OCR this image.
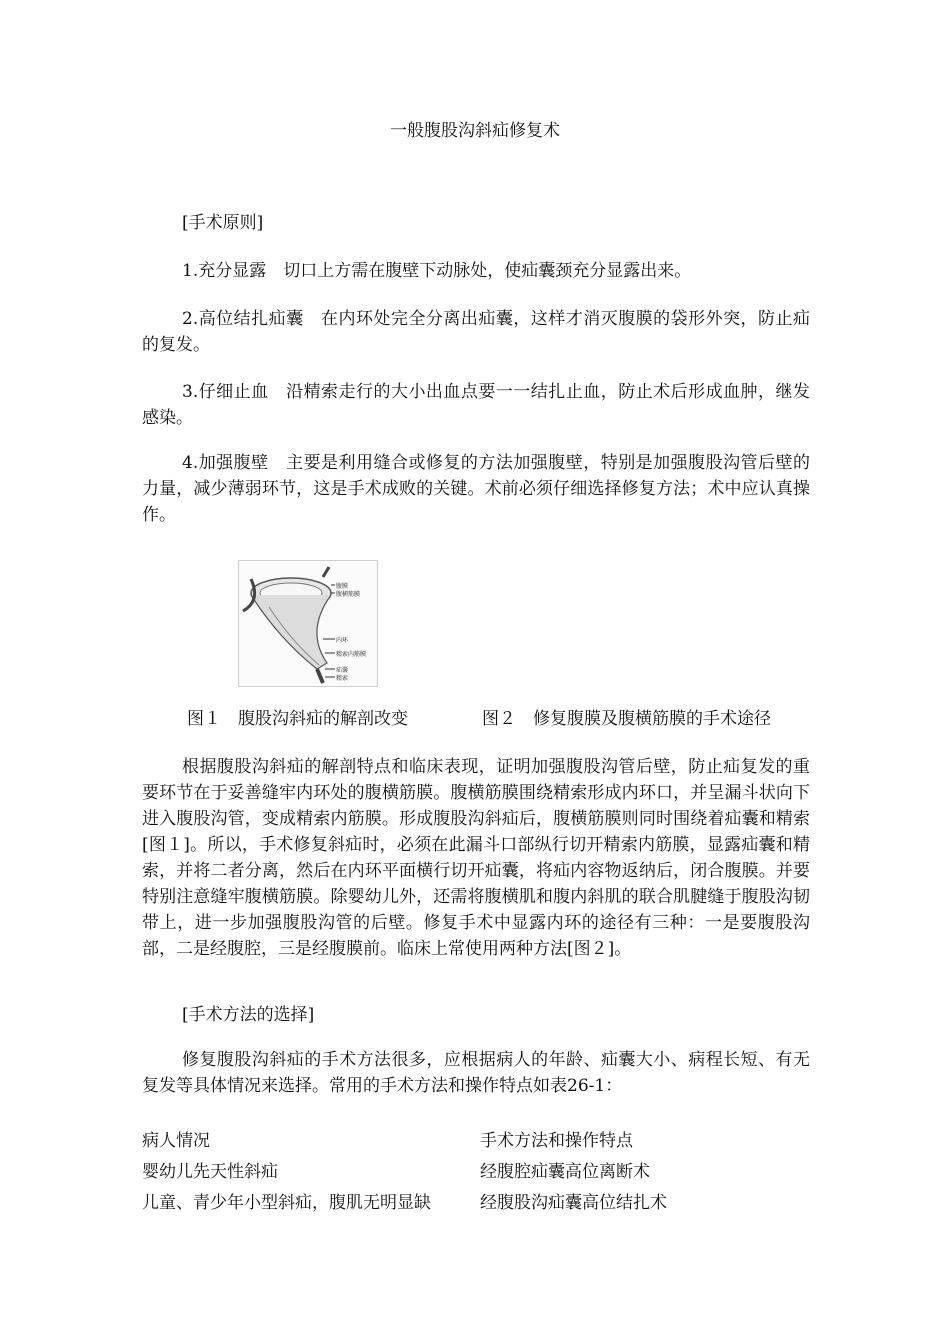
一般腹股沟斜疝修复术
[手术原则]
1.充分显露　切口上方需在腹壁下动脉处，使疝囊颈充分显露出来。
2.高位结扎疝囊　在内环处完全分离出疝囊，这样才消灭腹膜的袋形外突，防止疝的复发。
3.仔细止血　沿精索走行的大小出血点要一一结扎止血，防止术后形成血肿，继发感染。
4.加强腹壁　主要是利用缝合或修复的方法加强腹壁，特别是加强腹股沟管后壁的力量，减少薄弱环节，这是手术成败的关键。术前必须仔细选择修复方法；术中应认真操作。
腹膜
腹横筋膜
内环
精索内筋膜
疝囊
精索
图１　腹股沟斜疝的解剖改变	图２　修复腹膜及腹横筋膜的手术途径
根据腹股沟斜疝的解剖特点和临床表现，证明加强腹股沟管后壁，防止疝复发的重要环节在于妥善缝牢内环处的腹横筋膜。腹横筋膜围绕精索形成内环口，并呈漏斗状向下进入腹股沟管，变成精索内筋膜。形成腹股沟斜疝后，腹横筋膜则同时围绕着疝囊和精索[图１]。所以，手术修复斜疝时，必须在此漏斗口部纵行切开精索内筋膜，显露疝囊和精索，并将二者分离，然后在内环平面横行切开疝囊，将疝内容物返纳后，闭合腹膜。并要特别注意缝牢腹横筋膜。除婴幼儿外，还需将腹横肌和腹内斜肌的联合肌腱缝于腹股沟韧带上，进一步加强腹股沟管的后壁。修复手术中显露内环的途径有三种：一是要腹股沟部，二是经腹腔，三是经腹膜前。临床上常使用两种方法[图２]。
[手术方法的选择]
修复腹股沟斜疝的手术方法很多，应根据病人的年龄、疝囊大小、病程长短、有无复发等具体情况来选择。常用的手术方法和操作特点如表26-1：
病人情况	手术方法和操作特点
婴幼儿先天性斜疝	经腹腔疝囊高位离断术
儿童、青少年小型斜疝，腹肌无明显缺	经腹股沟疝囊高位结扎术
